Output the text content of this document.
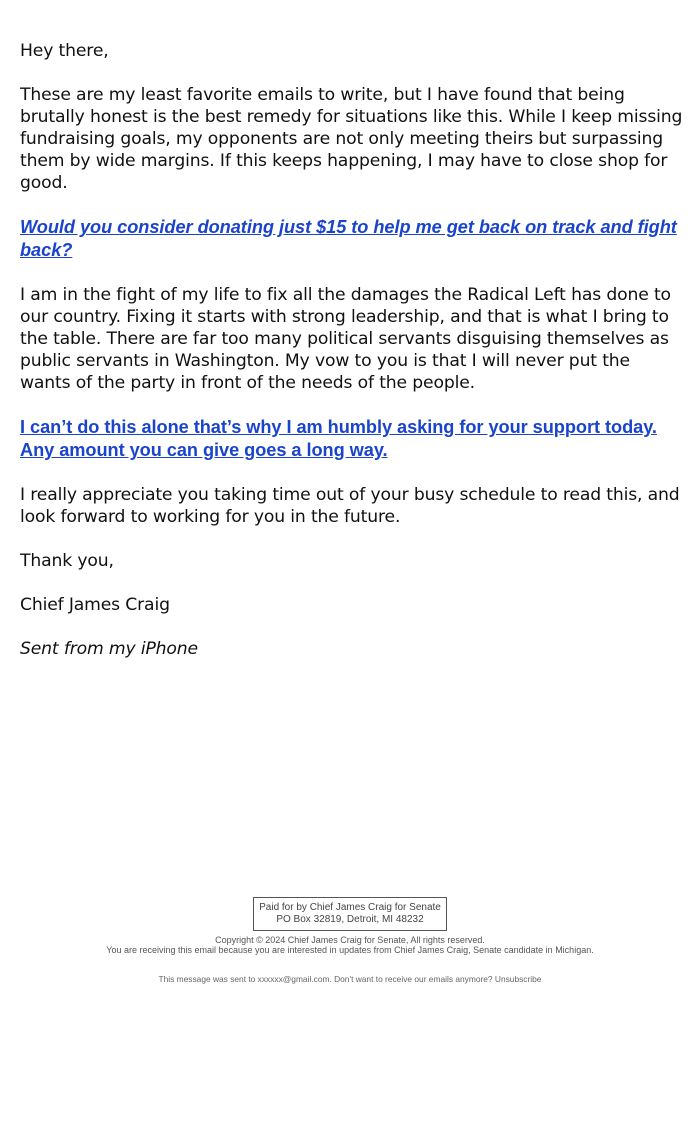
Hey there,

These are my least favorite emails to write, but I have found that being brutally honest is the best remedy for situations like this. While I keep missing fundraising goals, my opponents are not only meeting theirs but surpassing them by wide margins. If this keeps happening, I may have to close shop for good.

Would you consider donating just $15 to help me get back on track and fight back?

I am in the fight of my life to fix all the damages the Radical Left has done to our country. Fixing it starts with strong leadership, and that is what I bring to the table. There are far too many political servants disguising themselves as public servants in Washington. My vow to you is that I will never put the wants of the party in front of the needs of the people.

I can’t do this alone that’s why I am humbly asking for your support today. Any amount you can give goes a long way.

I really appreciate you taking time out of your busy schedule to read this, and look forward to working for you in the future.

Thank you,

Chief James Craig

Sent from my iPhone

Paid for by Chief James Craig for Senate
PO Box 32819, Detroit, MI 48232
Copyright © 2024 Chief James Craig for Senate, All rights reserved.
You are receiving this email because you are interested in updates from Chief James Craig, Senate candidate in Michigan.
This message was sent to xxxxxx@gmail.com. Don't want to receive our emails anymore? Unsubscribe
